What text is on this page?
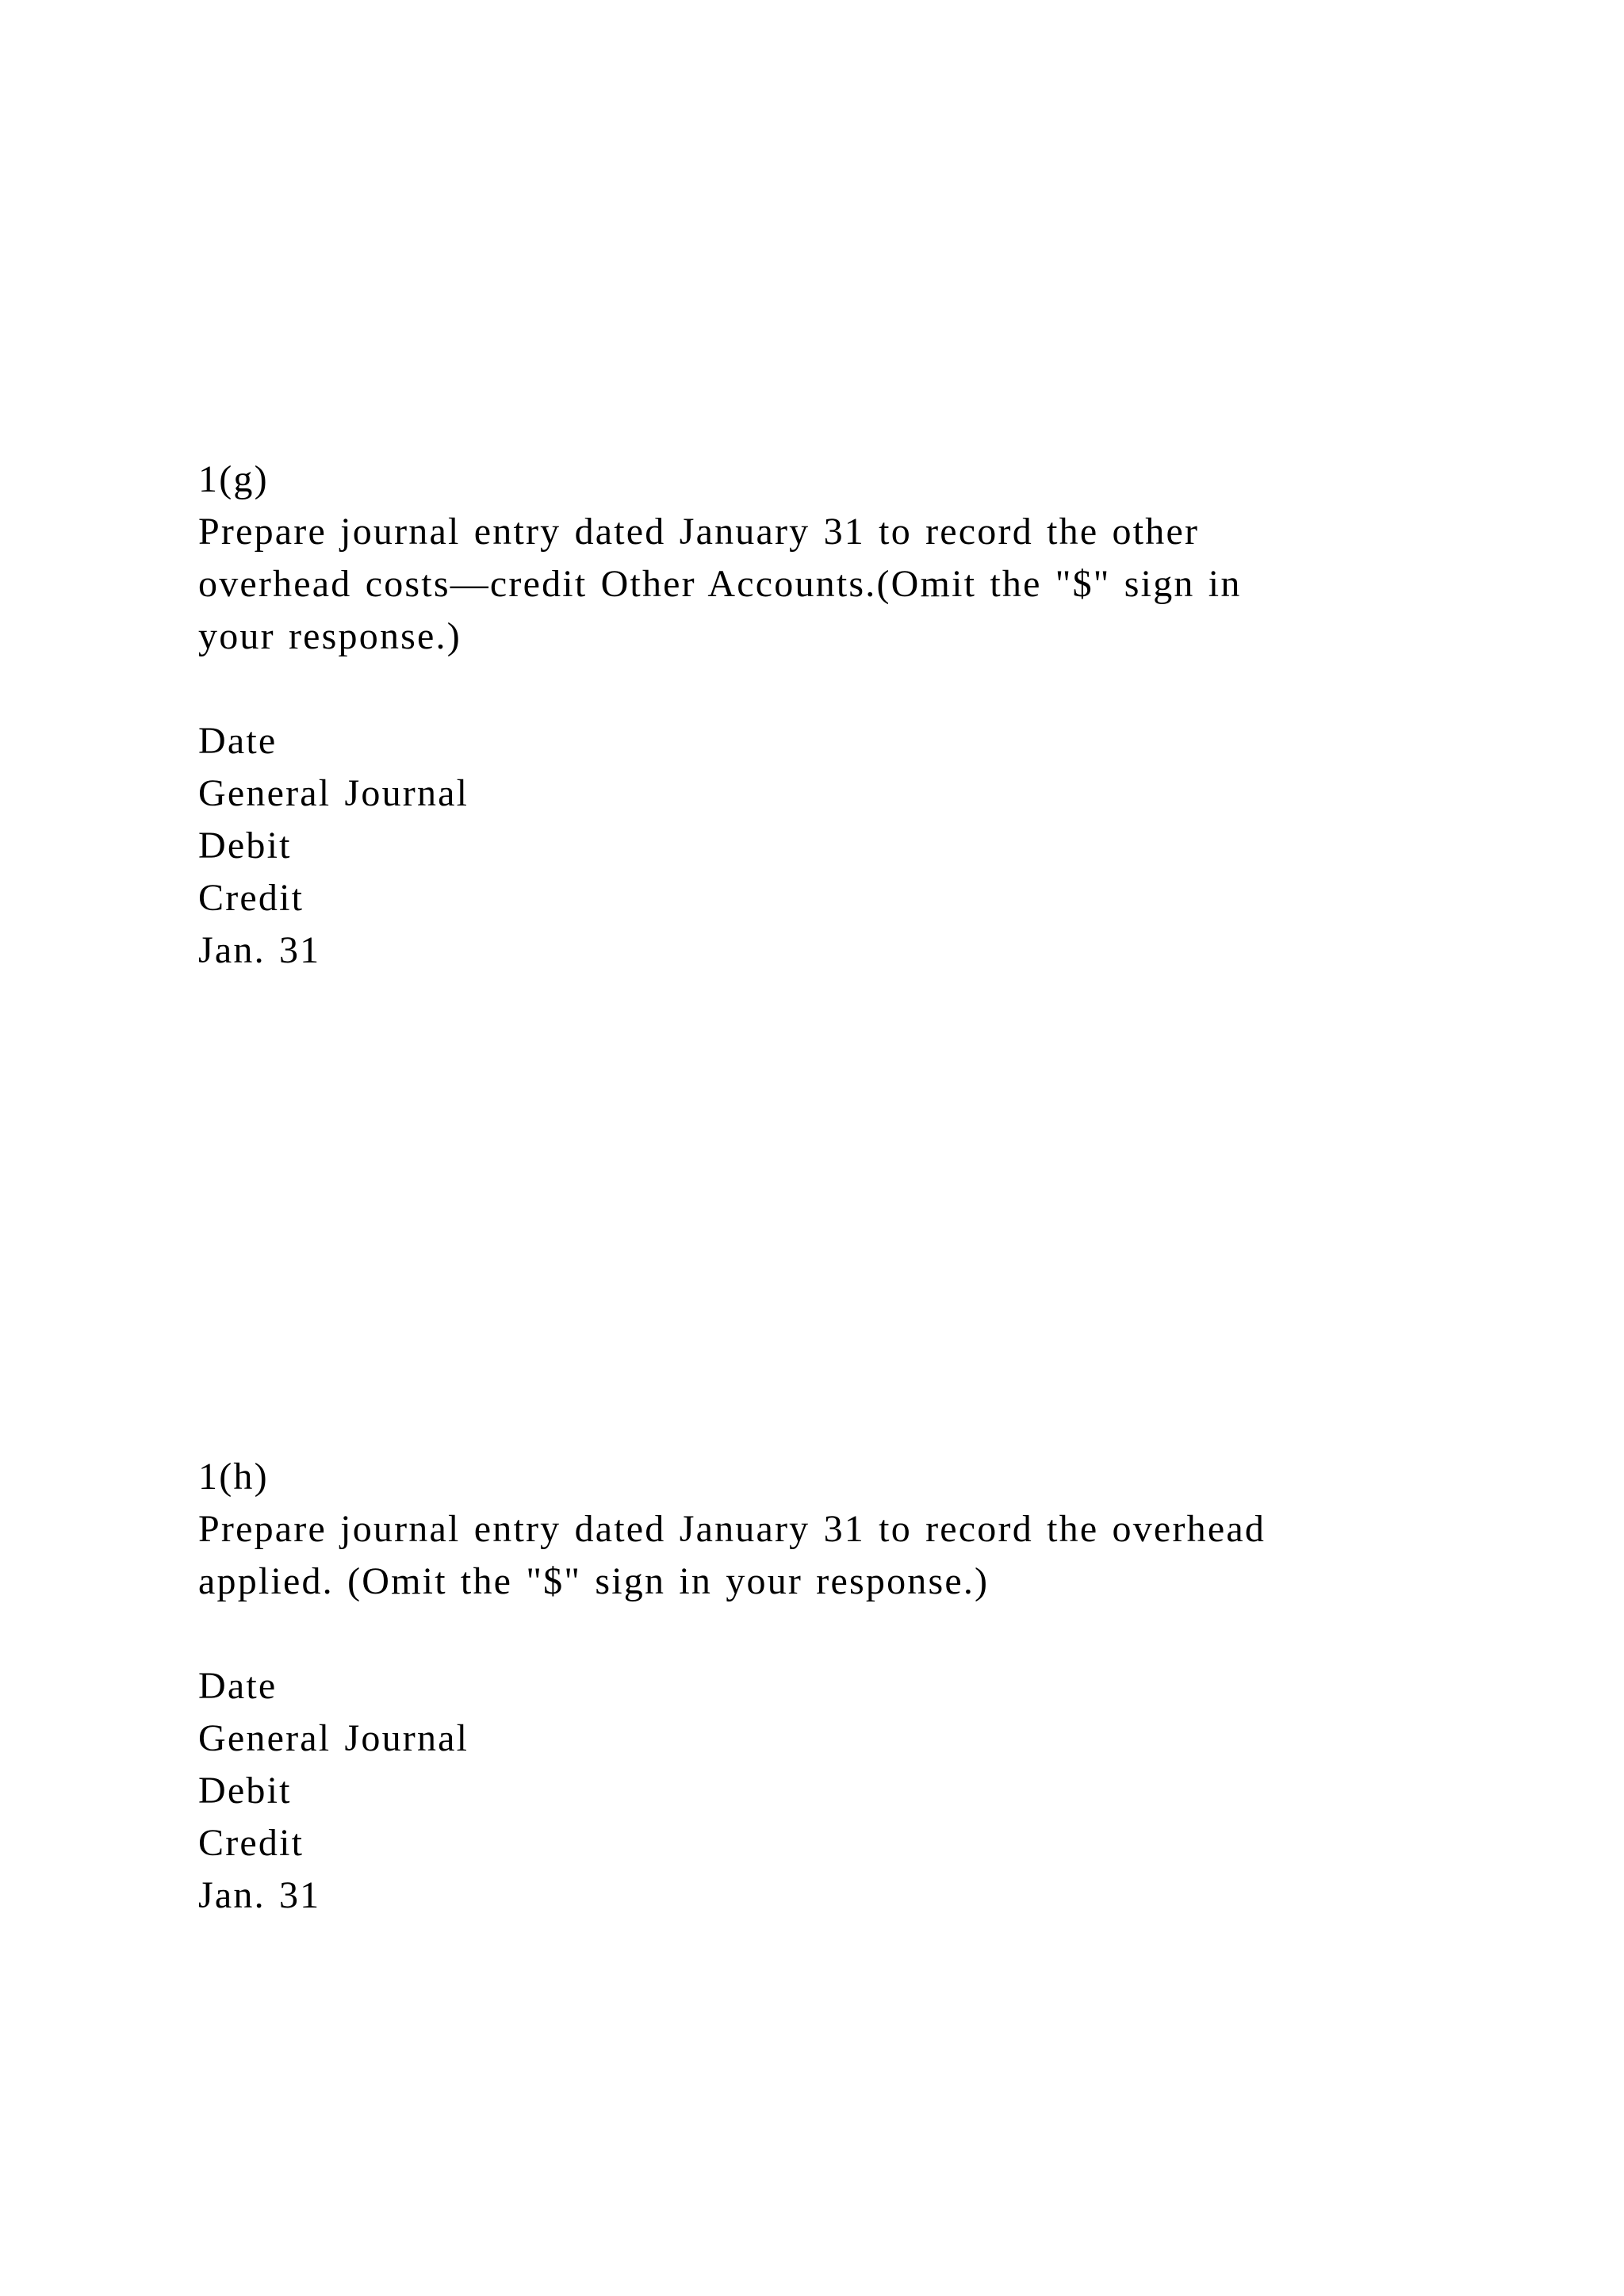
1(g)
Prepare journal entry dated January 31 to record the other
overhead costs—credit Other Accounts.(Omit the "$" sign in
your response.)
Date
General Journal
Debit
Credit
Jan. 31
1(h)
Prepare journal entry dated January 31 to record the overhead
applied. (Omit the "$" sign in your response.)
Date
General Journal
Debit
Credit
Jan. 31
